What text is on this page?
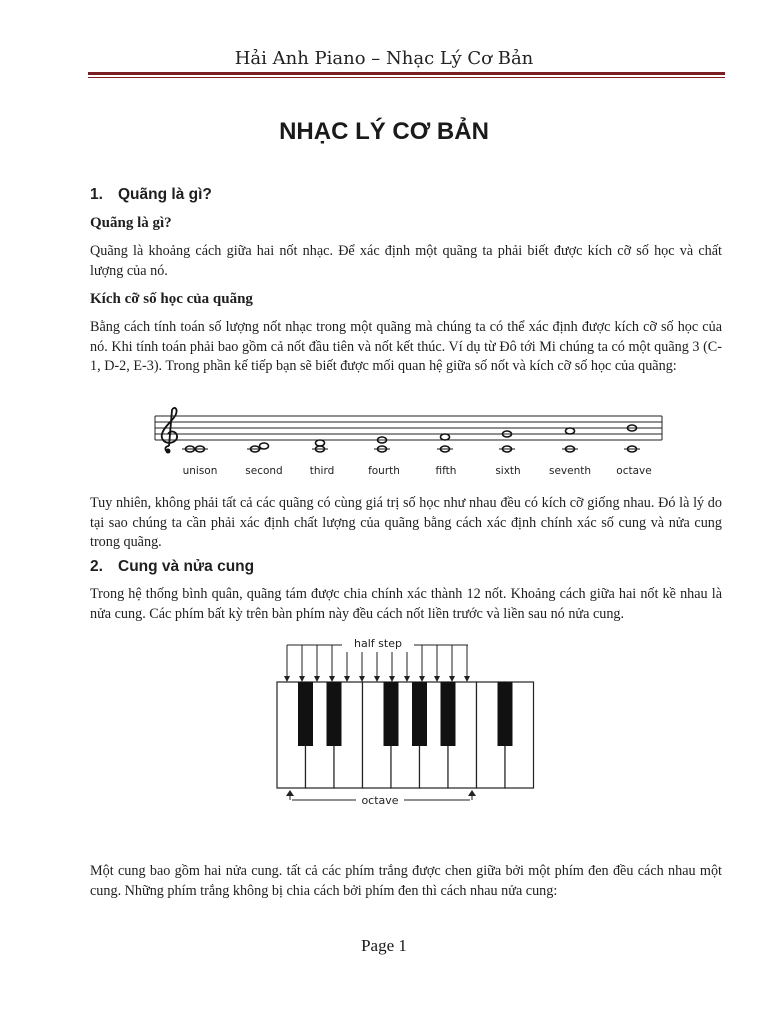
Hải Anh Piano – Nhạc Lý Cơ Bản
NHẠC LÝ CƠ BẢN
1. Quãng là gì?
Quãng là gì?
Quãng là khoảng cách giữa hai nốt nhạc. Để xác định một quãng ta phải biết được kích cỡ số học và chất lượng của nó.
Kích cỡ số học của quãng
Bằng cách tính toán số lượng nốt nhạc trong một quãng mà chúng ta có thể xác định được kích cỡ số học của nó. Khi tính toán phải bao gồm cả nốt đầu tiên và nốt kết thúc. Ví dụ từ Đô tới Mi chúng ta có một quãng 3 (C-1, D-2, E-3). Trong phần kế tiếp bạn sẽ biết được mối quan hệ giữa số nốt và kích cỡ số học của quãng:
unison	second	third	fourth	fifth	sixth	seventh octave
Tuy nhiên, không phải tất cả các quãng có cùng giá trị số học như nhau đều có kích cỡ giống nhau. Đó là lý do tại sao chúng ta cần phải xác định chất lượng của quãng bằng cách xác định chính xác số cung và nửa cung trong quãng.
2. Cung và nửa cung
Trong hệ thống bình quân, quãng tám được chia chính xác thành 12 nốt. Khoảng cách giữa hai nốt kề nhau là nửa cung. Các phím bất kỳ trên bàn phím này đều cách nốt liền trước và liền sau nó nửa cung.
half step
octave
Một cung bao gồm hai nửa cung. tất cả các phím trắng được chen giữa bởi một phím đen đều cách nhau một cung. Những phím trắng không bị chia cách bởi phím đen thì cách nhau nửa cung:
Page 1
